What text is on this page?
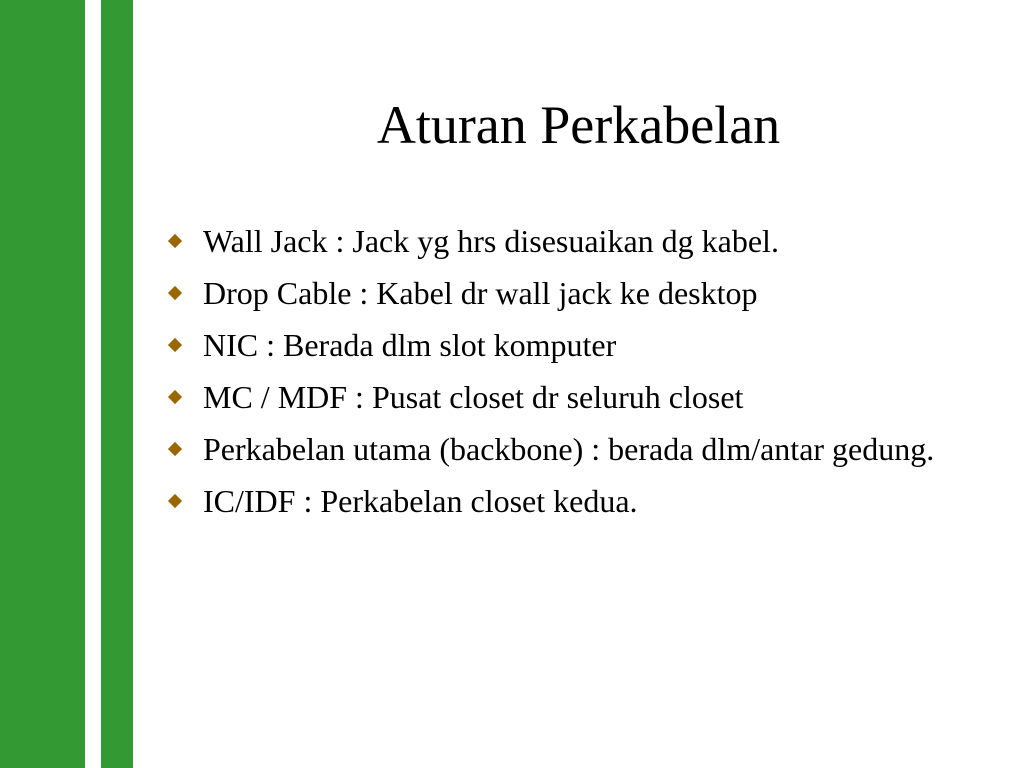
Aturan Perkabelan
Wall Jack : Jack yg hrs disesuaikan dg kabel.
Drop Cable : Kabel dr wall jack ke desktop
NIC : Berada dlm slot komputer
MC / MDF : Pusat closet dr seluruh closet
Perkabelan utama (backbone) : berada dlm/antar gedung.
IC/IDF : Perkabelan closet kedua.
